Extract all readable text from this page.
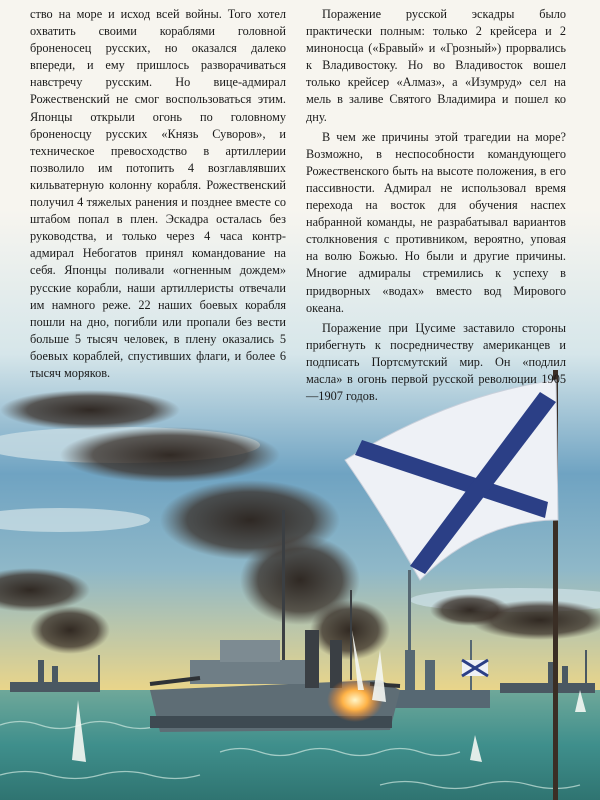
ство на море и исход всей войны. Того хотел охватить своими кораблями головной броненосец русских, но оказался далеко впереди, и ему пришлось разворачиваться навстречу русским. Но вице-адмирал Рожественский не смог воспользоваться этим. Японцы открыли огонь по головному броненосцу русских «Князь Суворов», и техническое превосходство в артиллерии позволило им потопить 4 возглавлявших кильватерную колонну корабля. Рожественский получил 4 тяжелых ранения и позднее вместе со штабом попал в плен. Эскадра осталась без руководства, и только через 4 часа контр-адмирал Небогатов принял командование на себя. Японцы поливали «огненным дождем» русские корабли, наши артиллеристы отвечали им намного реже. 22 наших боевых корабля пошли на дно, погибли или пропали без вести больше 5 тысяч человек, в плену оказались 5 боевых кораблей, спустивших флаги, и более 6 тысяч моряков.

Поражение русской эскадры было практически полным: только 2 крейсера и 2 миноносца («Бравый» и «Грозный») прорвались к Владивостоку. Но во Владивосток вошел только крейсер «Алмаз», а «Изумруд» сел на мель в заливе Святого Владимира и пошел ко дну.

В чем же причины этой трагедии на море? Возможно, в неспособности командующего Рожественского быть на высоте положения, в его пассивности. Адмирал не использовал время перехода на восток для обучения наспех набранной команды, не разрабатывал вариантов столкновения с противником, вероятно, уповая на волю Божью. Но были и другие причины. Многие адмиралы стремились к успеху в придворных «водах» вместо вод Мирового океана.

Поражение при Цусиме заставило стороны прибегнуть к посредничеству американцев и подписать Портсмутский мир. Он «подлил масла» в огонь первой русской революции 1905—1907 годов.
